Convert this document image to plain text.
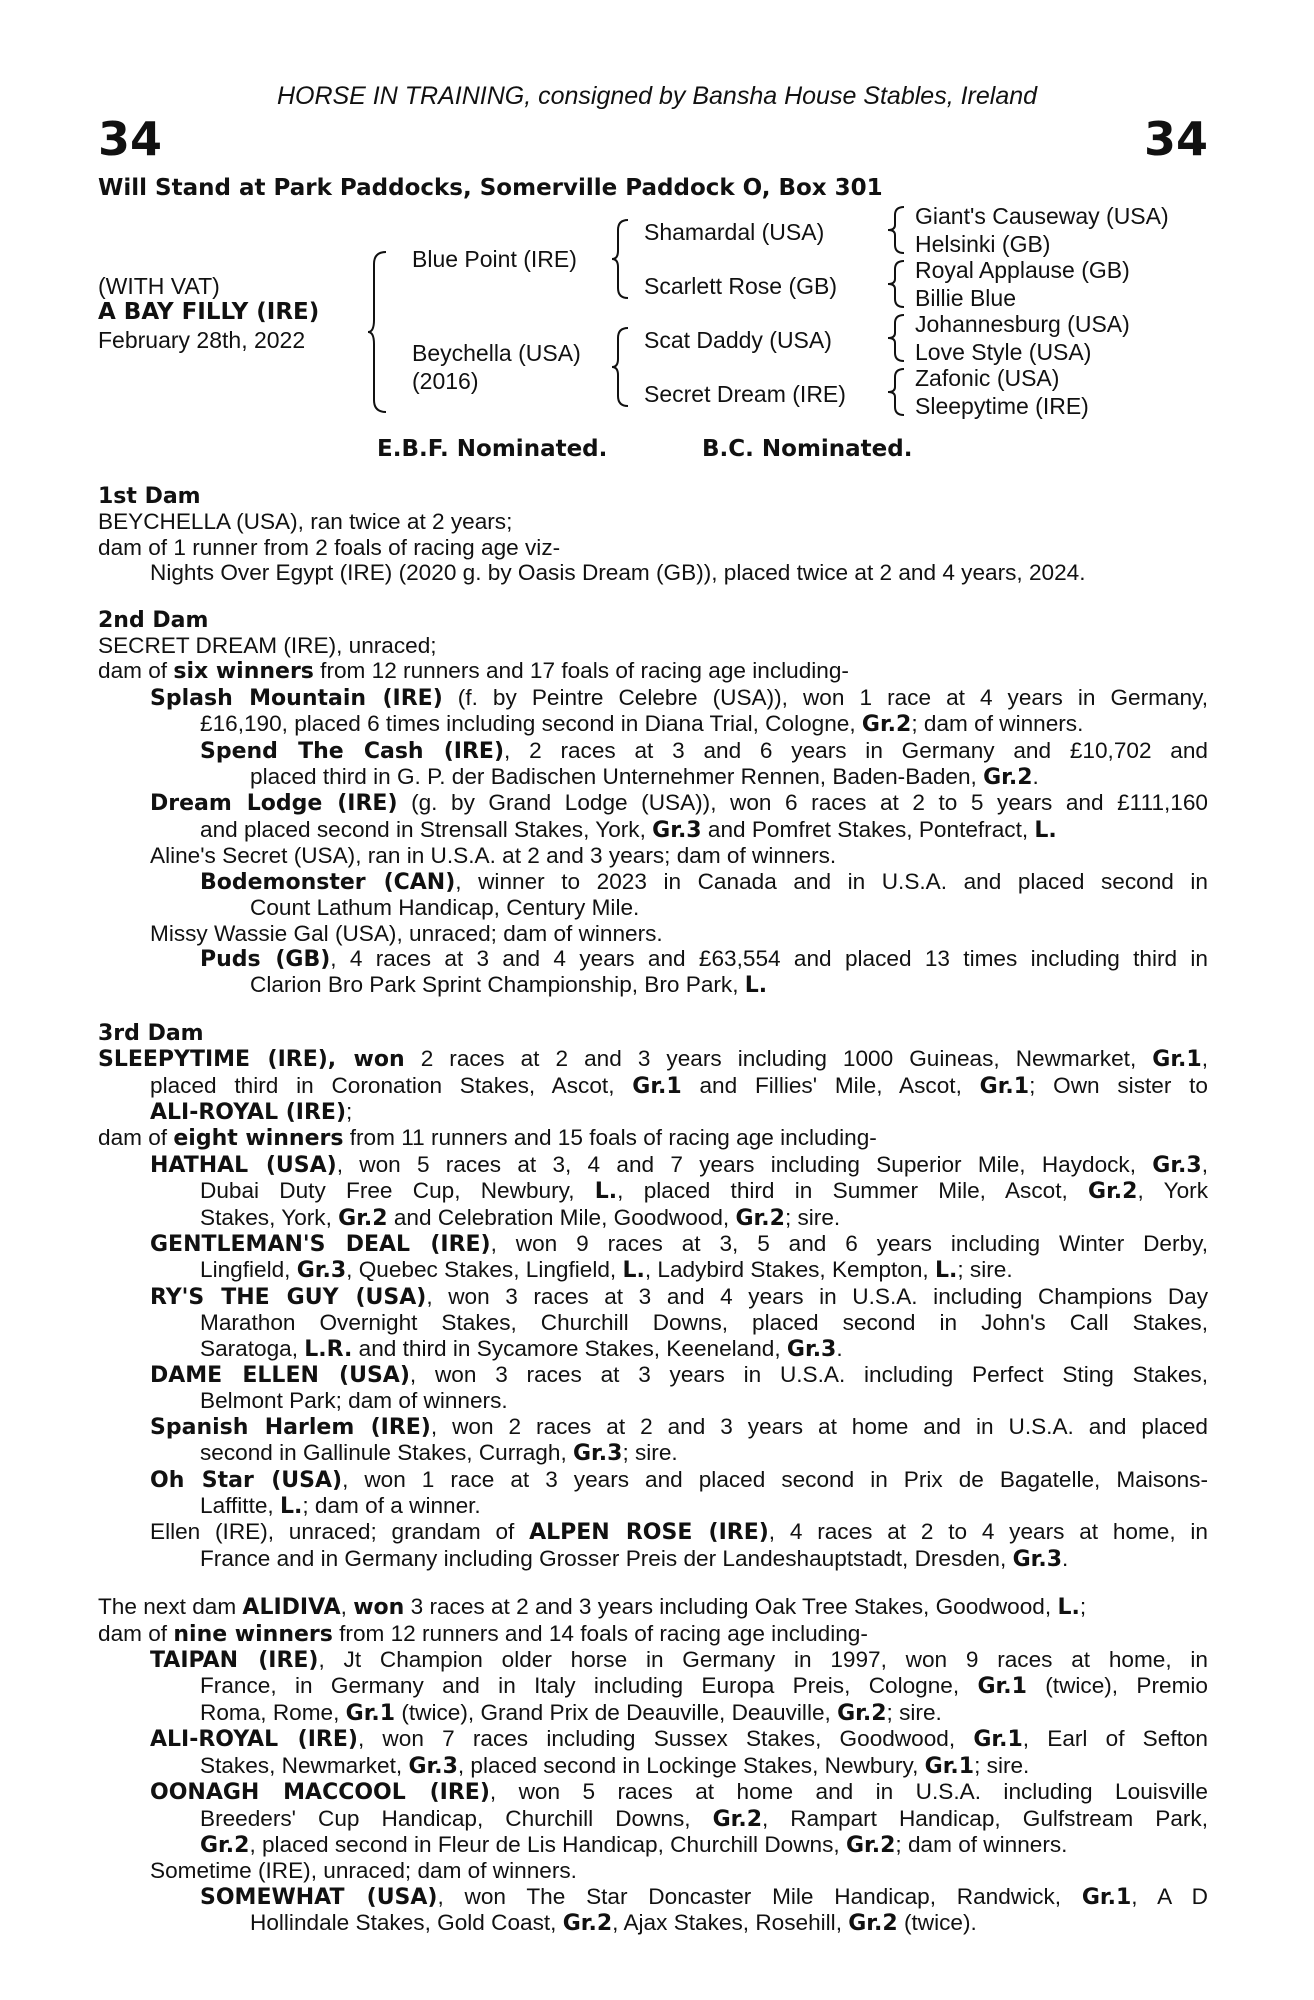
HORSE IN TRAINING, consigned by Bansha House Stables, Ireland
34	34
Will Stand at Park Paddocks, Somerville Paddock O, Box 301
(WITH VAT)
A BAY FILLY (IRE)
February 28th, 2022
Blue Point (IRE)
Beychella (USA)
(2016)
Shamardal (USA)
Scarlett Rose (GB)
Scat Daddy (USA)
Secret Dream (IRE)
Giant's Causeway (USA)
Helsinki (GB)
Royal Applause (GB)
Billie Blue
Johannesburg (USA)
Love Style (USA)
Zafonic (USA)
Sleepytime (IRE)
E.B.F. Nominated.	B.C. Nominated.
1st Dam
BEYCHELLA (USA), ran twice at 2 years;
dam of 1 runner from 2 foals of racing age viz-
Nights Over Egypt (IRE) (2020 g. by Oasis Dream (GB)), placed twice at 2 and 4 years, 2024.
2nd Dam
SECRET DREAM (IRE), unraced;
dam of six winners from 12 runners and 17 foals of racing age including-
Splash Mountain (IRE) (f. by Peintre Celebre (USA)), won 1 race at 4 years in Germany,
£16,190, placed 6 times including second in Diana Trial, Cologne, Gr.2; dam of winners.
Spend The Cash (IRE), 2 races at 3 and 6 years in Germany and £10,702 and
placed third in G. P. der Badischen Unternehmer Rennen, Baden-Baden, Gr.2.
Dream Lodge (IRE) (g. by Grand Lodge (USA)), won 6 races at 2 to 5 years and £111,160
and placed second in Strensall Stakes, York, Gr.3 and Pomfret Stakes, Pontefract, L.
Aline's Secret (USA), ran in U.S.A. at 2 and 3 years; dam of winners.
Bodemonster (CAN), winner to 2023 in Canada and in U.S.A. and placed second in
Count Lathum Handicap, Century Mile.
Missy Wassie Gal (USA), unraced; dam of winners.
Puds (GB), 4 races at 3 and 4 years and £63,554 and placed 13 times including third in
Clarion Bro Park Sprint Championship, Bro Park, L.
3rd Dam
SLEEPYTIME (IRE), won 2 races at 2 and 3 years including 1000 Guineas, Newmarket, Gr.1,
placed third in Coronation Stakes, Ascot, Gr.1 and Fillies' Mile, Ascot, Gr.1; Own sister to
ALI-ROYAL (IRE);
dam of eight winners from 11 runners and 15 foals of racing age including-
HATHAL (USA), won 5 races at 3, 4 and 7 years including Superior Mile, Haydock, Gr.3,
Dubai Duty Free Cup, Newbury, L., placed third in Summer Mile, Ascot, Gr.2, York
Stakes, York, Gr.2 and Celebration Mile, Goodwood, Gr.2; sire.
GENTLEMAN'S DEAL (IRE), won 9 races at 3, 5 and 6 years including Winter Derby,
Lingfield, Gr.3, Quebec Stakes, Lingfield, L., Ladybird Stakes, Kempton, L.; sire.
RY'S THE GUY (USA), won 3 races at 3 and 4 years in U.S.A. including Champions Day
Marathon Overnight Stakes, Churchill Downs, placed second in John's Call Stakes,
Saratoga, L.R. and third in Sycamore Stakes, Keeneland, Gr.3.
DAME ELLEN (USA), won 3 races at 3 years in U.S.A. including Perfect Sting Stakes,
Belmont Park; dam of winners.
Spanish Harlem (IRE), won 2 races at 2 and 3 years at home and in U.S.A. and placed
second in Gallinule Stakes, Curragh, Gr.3; sire.
Oh Star (USA), won 1 race at 3 years and placed second in Prix de Bagatelle, Maisons-
Laffitte, L.; dam of a winner.
Ellen (IRE), unraced; grandam of ALPEN ROSE (IRE), 4 races at 2 to 4 years at home, in
France and in Germany including Grosser Preis der Landeshauptstadt, Dresden, Gr.3.
The next dam ALIDIVA, won 3 races at 2 and 3 years including Oak Tree Stakes, Goodwood, L.;
dam of nine winners from 12 runners and 14 foals of racing age including-
TAIPAN (IRE), Jt Champion older horse in Germany in 1997, won 9 races at home, in
France, in Germany and in Italy including Europa Preis, Cologne, Gr.1 (twice), Premio
Roma, Rome, Gr.1 (twice), Grand Prix de Deauville, Deauville, Gr.2; sire.
ALI-ROYAL (IRE), won 7 races including Sussex Stakes, Goodwood, Gr.1, Earl of Sefton
Stakes, Newmarket, Gr.3, placed second in Lockinge Stakes, Newbury, Gr.1; sire.
OONAGH MACCOOL (IRE), won 5 races at home and in U.S.A. including Louisville
Breeders' Cup Handicap, Churchill Downs, Gr.2, Rampart Handicap, Gulfstream Park,
Gr.2, placed second in Fleur de Lis Handicap, Churchill Downs, Gr.2; dam of winners.
Sometime (IRE), unraced; dam of winners.
SOMEWHAT (USA), won The Star Doncaster Mile Handicap, Randwick, Gr.1, A D
Hollindale Stakes, Gold Coast, Gr.2, Ajax Stakes, Rosehill, Gr.2 (twice).
